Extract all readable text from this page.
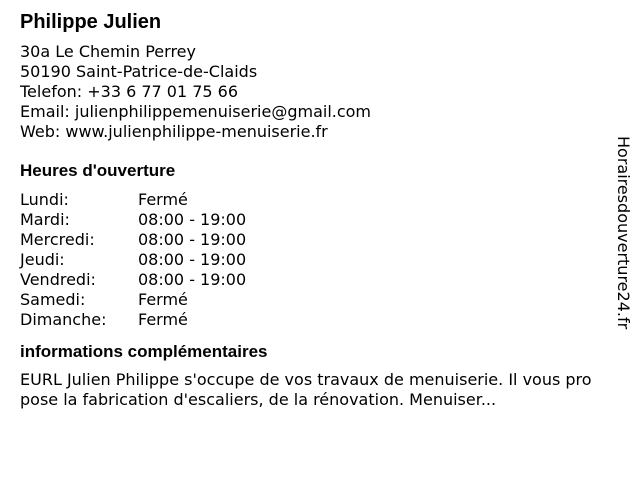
Philippe Julien
30a Le Chemin Perrey
50190 Saint-Patrice-de-Claids
Telefon: +33 6 77 01 75 66
Email: julienphilippemenuiserie@gmail.com
Web: www.julienphilippe-menuiserie.fr
Heures d'ouverture
Lundi:	Fermé
Mardi:	08:00 - 19:00
Mercredi:	08:00 - 19:00
Jeudi:	08:00 - 19:00
Vendredi:	08:00 - 19:00
Samedi:	Fermé
Dimanche:	Fermé
informations complémentaires
EURL Julien Philippe s'occupe de vos travaux de menuiserie. Il vous propose la fabrication d'escaliers, de la rénovation. Menuiser...
Horairesdouverture24.fr
